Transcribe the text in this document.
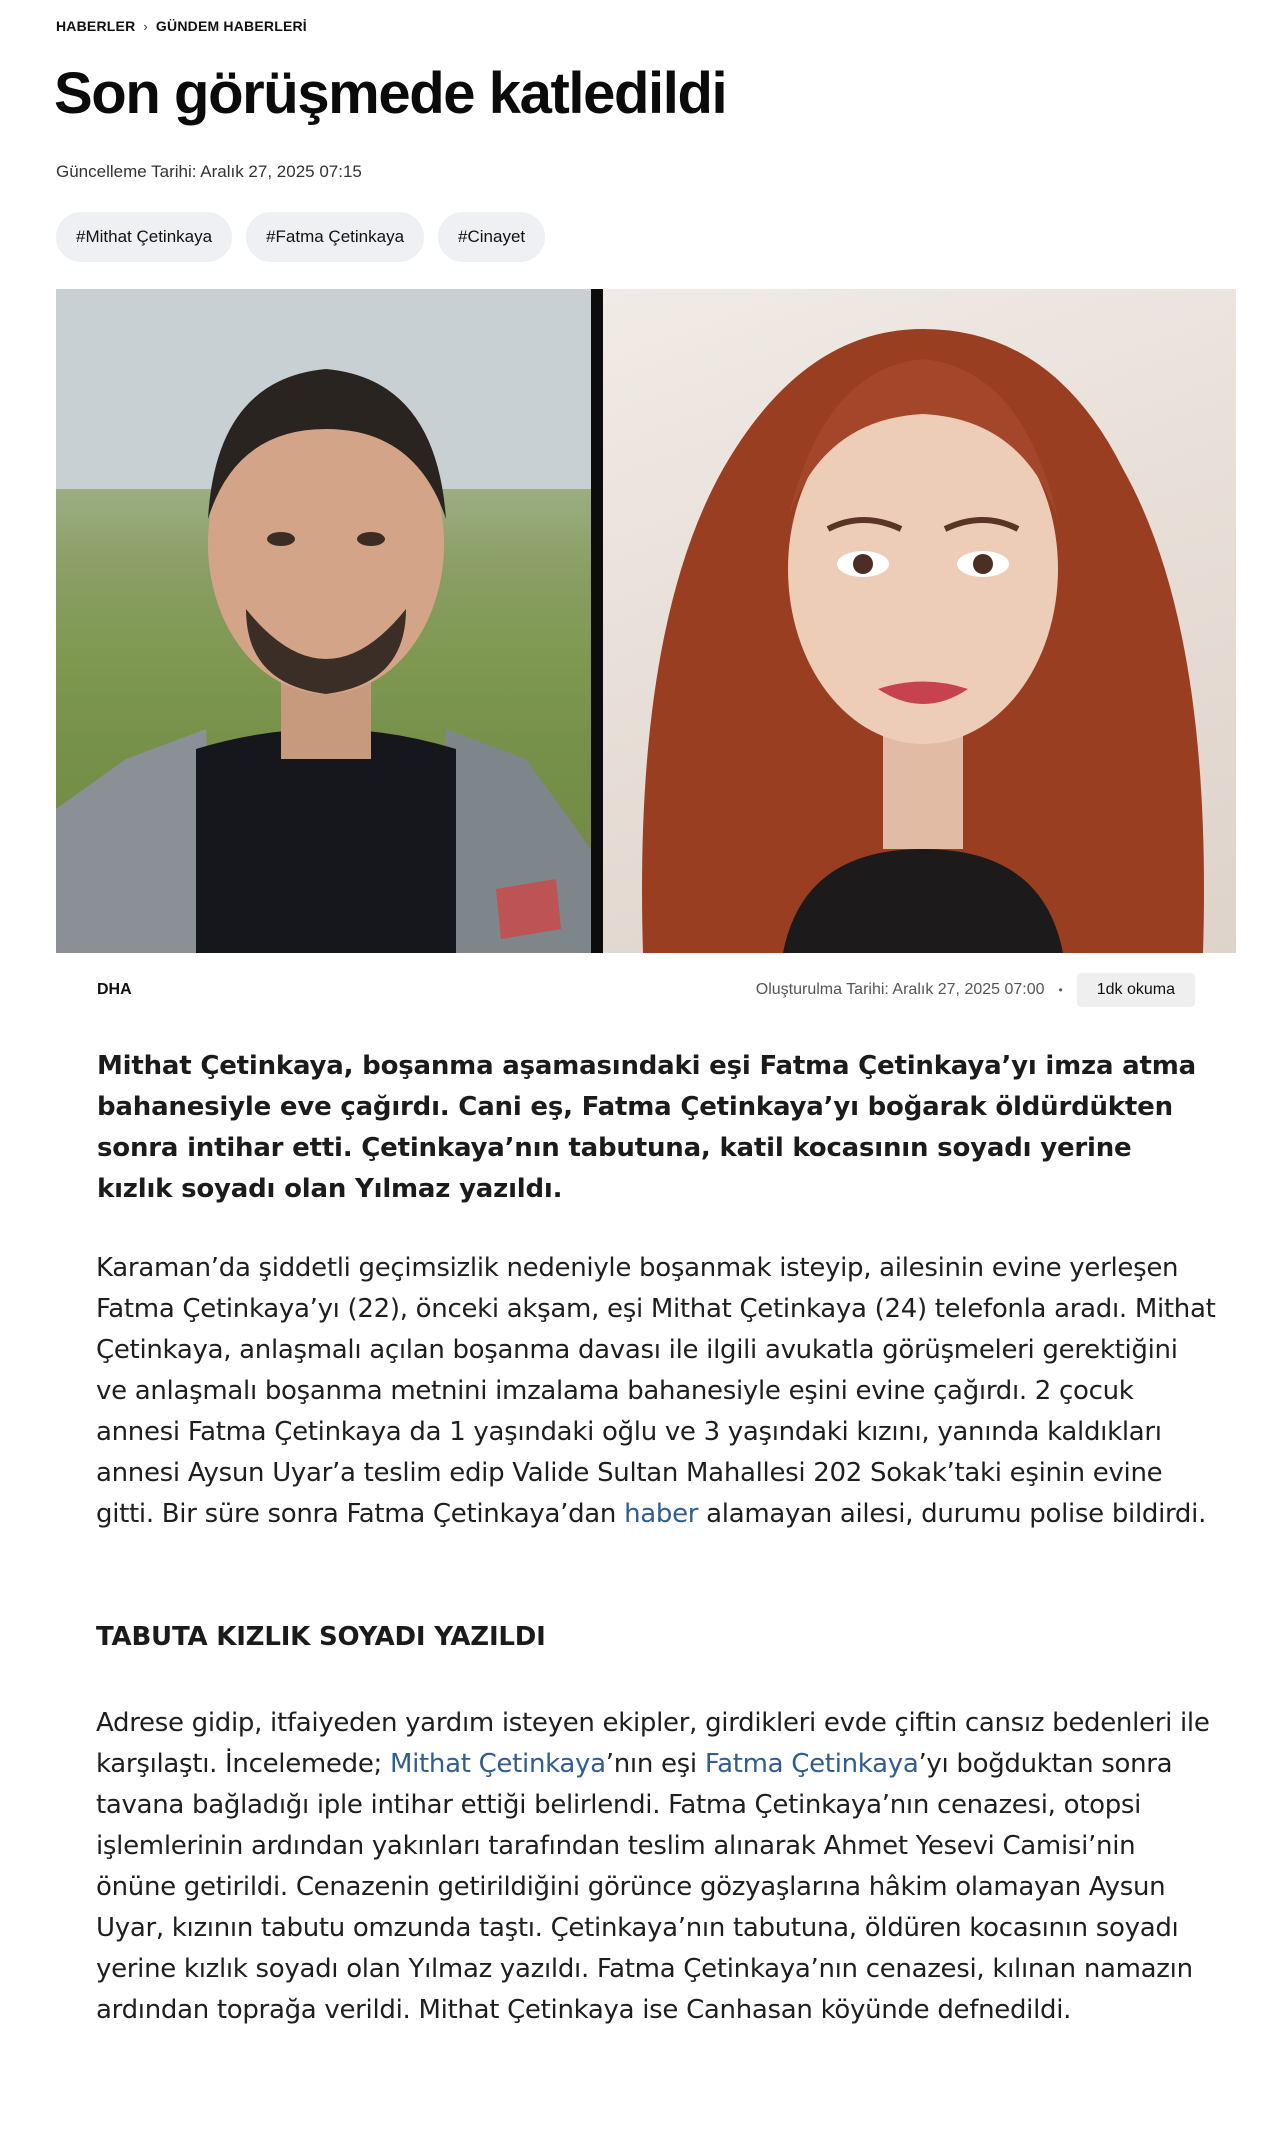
HABERLER › GÜNDEM HABERLERİ
Son görüşmede katledildi
Güncelleme Tarihi: Aralık 27, 2025 07:15
#Mithat Çetinkaya	#Fatma Çetinkaya	#Cinayet
DHA	Oluşturulma Tarihi: Aralık 27, 2025 07:00 •	1dk okuma

Mithat Çetinkaya, boşanma aşamasındaki eşi Fatma Çetinkaya’yı imza atma bahanesiyle eve çağırdı. Cani eş, Fatma Çetinkaya’yı boğarak öldürdükten sonra intihar etti. Çetinkaya’nın tabutuna, katil kocasının soyadı yerine kızlık soyadı olan Yılmaz yazıldı.

Karaman’da şiddetli geçimsizlik nedeniyle boşanmak isteyip, ailesinin evine yerleşen Fatma Çetinkaya’yı (22), önceki akşam, eşi Mithat Çetinkaya (24) telefonla aradı. Mithat Çetinkaya, anlaşmalı açılan boşanma davası ile ilgili avukatla görüşmeleri gerektiğini ve anlaşmalı boşanma metnini imzalama bahanesiyle eşini evine çağırdı. 2 çocuk annesi Fatma Çetinkaya da 1 yaşındaki oğlu ve 3 yaşındaki kızını, yanında kaldıkları annesi Aysun Uyar’a teslim edip Valide Sultan Mahallesi 202 Sokak’taki eşinin evine gitti. Bir süre sonra Fatma Çetinkaya’dan haber alamayan ailesi, durumu polise bildirdi.

TABUTA KIZLIK SOYADI YAZILDI

Adrese gidip, itfaiyeden yardım isteyen ekipler, girdikleri evde çiftin cansız bedenleri ile karşılaştı. İncelemede; Mithat Çetinkaya’nın eşi Fatma Çetinkaya’yı boğduktan sonra tavana bağladığı iple intihar ettiği belirlendi. Fatma Çetinkaya’nın cenazesi, otopsi işlemlerinin ardından yakınları tarafından teslim alınarak Ahmet Yesevi Camisi’nin önüne getirildi. Cenazenin getirildiğini görünce gözyaşlarına hâkim olamayan Aysun Uyar, kızının tabutu omzunda taştı. Çetinkaya’nın tabutuna, öldüren kocasının soyadı yerine kızlık soyadı olan Yılmaz yazıldı. Fatma Çetinkaya’nın cenazesi, kılınan namazın ardından toprağa verildi. Mithat Çetinkaya ise Canhasan köyünde defnedildi.
